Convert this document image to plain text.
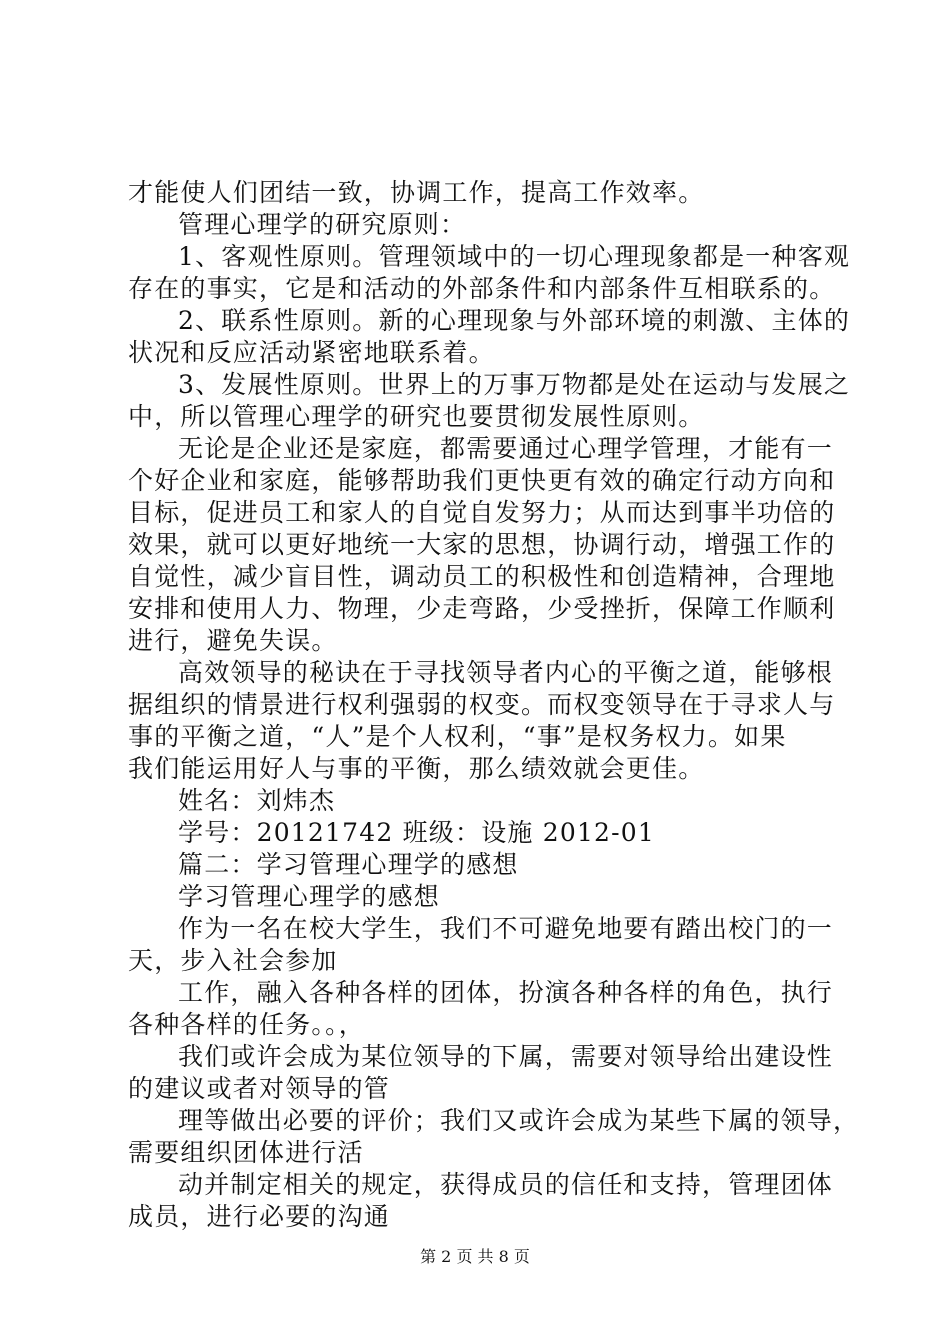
才能使人们团结一致，协调工作，提高工作效率。
管理心理学的研究原则：
1、客观性原则。管理领域中的一切心理现象都是一种客观
存在的事实，它是和活动的外部条件和内部条件互相联系的。
2、联系性原则。新的心理现象与外部环境的刺激、主体的
状况和反应活动紧密地联系着。
3、发展性原则。世界上的万事万物都是处在运动与发展之
中，所以管理心理学的研究也要贯彻发展性原则。
无论是企业还是家庭，都需要通过心理学管理，才能有一
个好企业和家庭，能够帮助我们更快更有效的确定行动方向和
目标，促进员工和家人的自觉自发努力；从而达到事半功倍的
效果，就可以更好地统一大家的思想，协调行动，增强工作的
自觉性，减少盲目性，调动员工的积极性和创造精神，合理地
安排和使用人力、物理，少走弯路，少受挫折，保障工作顺利
进行，避免失误。
高效领导的秘诀在于寻找领导者内心的平衡之道，能够根
据组织的情景进行权利强弱的权变。而权变领导在于寻求人与
事的平衡之道，“人”是个人权利，“事”是权务权力。如果
我们能运用好人与事的平衡，那么绩效就会更佳。
姓名：刘炜杰
学号：20121742 班级：设施 2012-01
篇二：学习管理心理学的感想
学习管理心理学的感想
作为一名在校大学生，我们不可避免地要有踏出校门的一
天，步入社会参加
工作，融入各种各样的团体，扮演各种各样的角色，执行
各种各样的任务。。，
我们或许会成为某位领导的下属，需要对领导给出建设性
的建议或者对领导的管
理等做出必要的评价；我们又或许会成为某些下属的领导，
需要组织团体进行活
动并制定相关的规定，获得成员的信任和支持，管理团体
成员，进行必要的沟通
第 2 页 共 8 页
